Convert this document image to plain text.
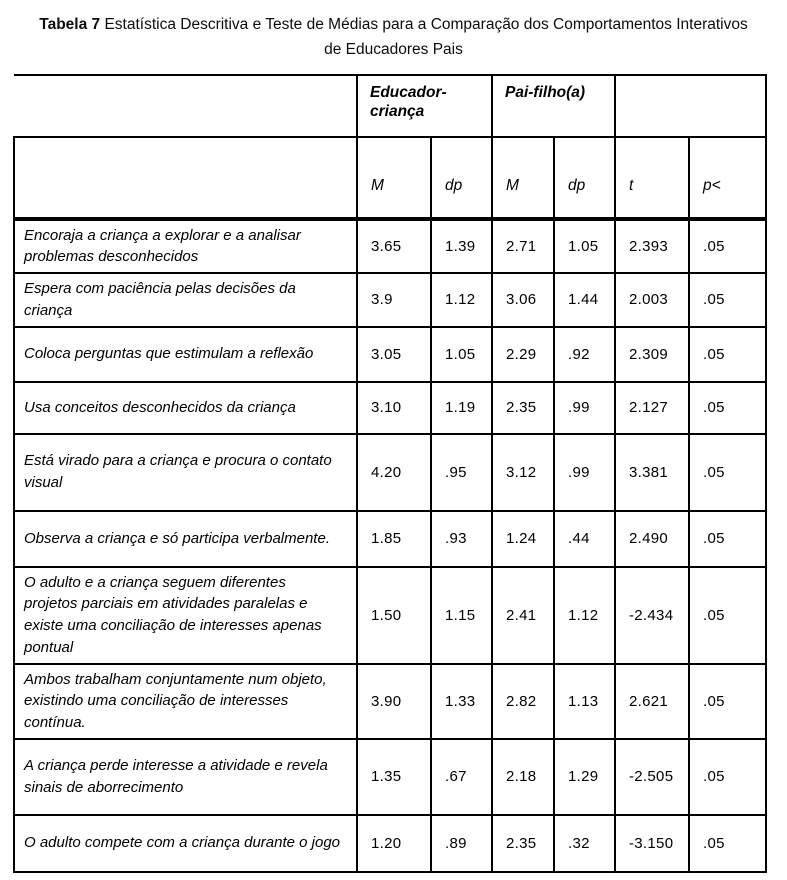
Tabela 7 Estatística Descritiva e Teste de Médias para a Comparação dos Comportamentos Interativos de Educadores Pais
	Educador-criança		Pai-filho(a)			
	M	dp	M	dp	t	p<
Encoraja a criança a explorar e a analisar problemas desconhecidos	3.65	1.39	2.71	1.05	2.393	.05
Espera com paciência pelas decisões da criança	3.9	1.12	3.06	1.44	2.003	.05
Coloca perguntas que estimulam a reflexão	3.05	1.05	2.29	.92	2.309	.05
Usa conceitos desconhecidos da criança	3.10	1.19	2.35	.99	2.127	.05
Está virado para a criança e procura o contato visual	4.20	.95	3.12	.99	3.381	.05
Observa a criança e só participa verbalmente.	1.85	.93	1.24	.44	2.490	.05
O adulto e a criança seguem diferentes projetos parciais em atividades paralelas e existe uma conciliação de interesses apenas pontual	1.50	1.15	2.41	1.12	-2.434	.05
Ambos trabalham conjuntamente num objeto, existindo uma conciliação de interesses contínua.	3.90	1.33	2.82	1.13	2.621	.05
A criança perde interesse a atividade e revela sinais de aborrecimento	1.35	.67	2.18	1.29	-2.505	.05
O adulto compete com a criança durante o jogo	1.20	.89	2.35	.32	-3.150	.05
